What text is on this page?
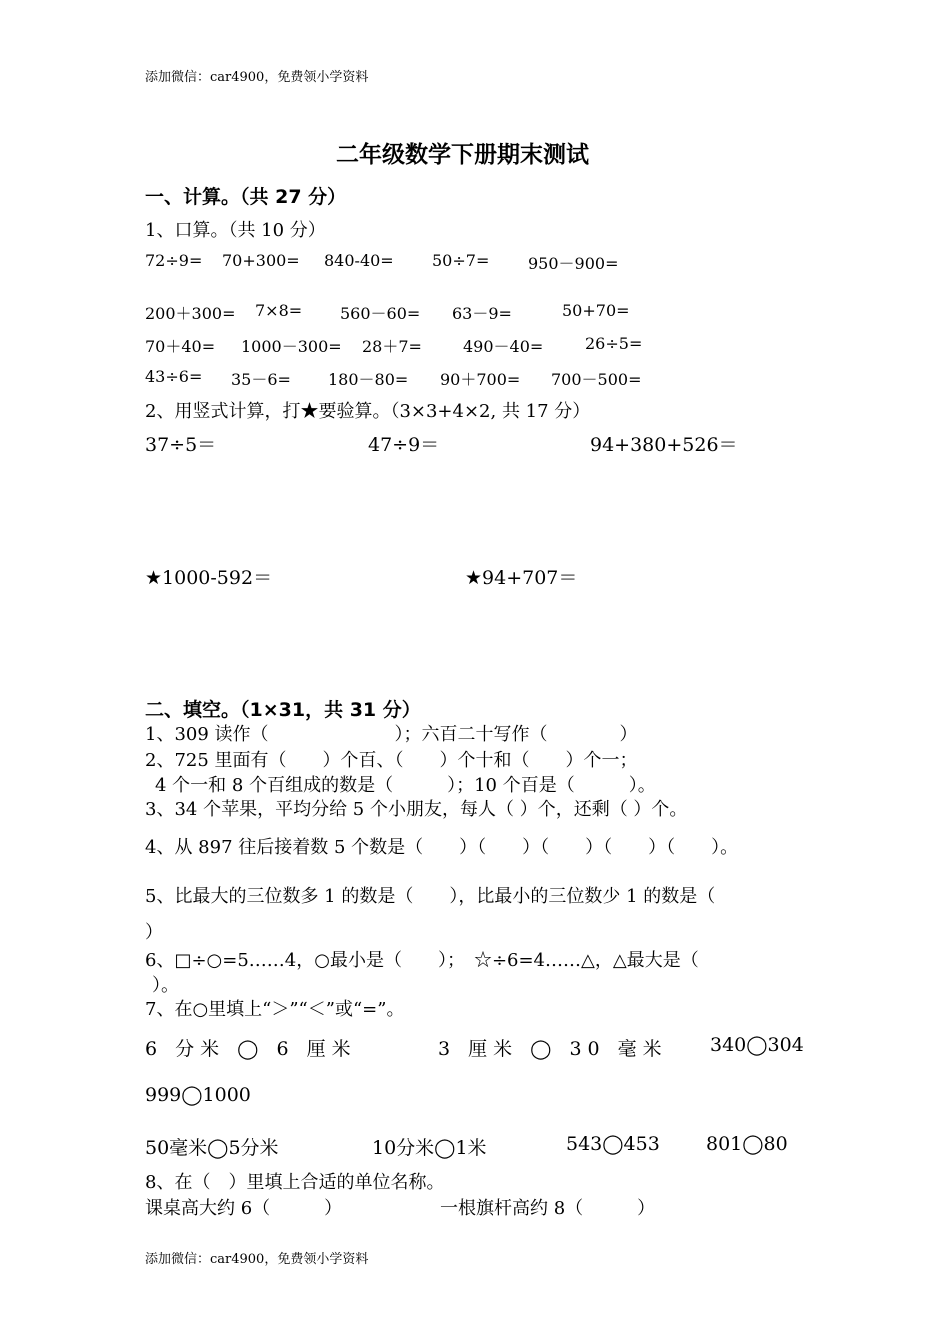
添加微信：car4900，免费领小学资料
二年级数学下册期末测试
一、计算。（共 27 分）
1、口算。（共 10 分）
72÷9= 70+300= 840-40= 50÷7= 950－900=
200＋300= 7×8= 560－60= 63－9=	50+70=
70＋40= 1000－300= 28＋7=	490－40=	26÷5=
43÷6= 35－6= 180－80= 90＋700= 700－500=
2、用竖式计算，打★要验算。（3×3+4×2, 共 17 分）
37÷5＝	47÷9＝	94+380+526＝
★1000-592＝	★94+707＝
二、填空。（1×31，共 31 分）
1、309 读作（　　　　　　　）；六百二十写作（　　　　）
2、725 里面有（　　）个百、（　　）个十和（　　）个一；
4 个一和 8 个百组成的数是（　　　）；10 个百是（　　　）。
3、34 个苹果，平均分给 5 个小朋友，每人（ ）个，还剩（ ）个。
4、从 897 往后接着数 5 个数是（　　）（　　）（　　）（　　）（　　）。
5、比最大的三位数多 1 的数是（　　），比最小的三位数少 1 的数是（
）
6、□÷○=5……4，○最小是（　　）；　☆÷6=4……△，△最大是（
）。
7、在○里填上“＞”“＜”或“=”。
6 分米 ◯ 6 厘米	3 厘米 ◯ 30 毫米 340◯304
999◯1000
50毫米◯5分米	10分米◯1米	543◯453 801◯80
8、在（　）里填上合适的单位名称。
课桌高大约 6（　　　）	一根旗杆高约 8（　　　）
添加微信：car4900，免费领小学资料
